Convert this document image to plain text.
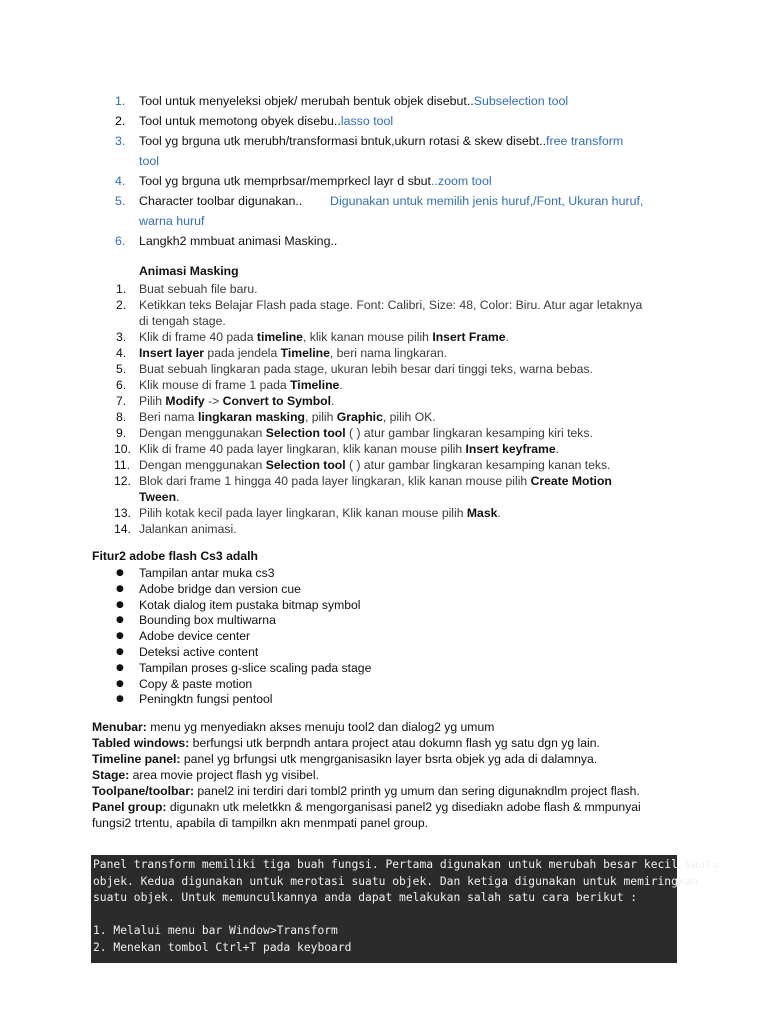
1. Tool untuk menyeleksi objek/ merubah bentuk objek disebut..Subselection tool
2. Tool untuk memotong obyek disebu..lasso tool
3. Tool yg brguna utk merubh/transformasi bntuk,ukurn rotasi & skew disebt..free transform
tool
4. Tool yg brguna utk memprbsar/memprkecl layr d sbut..zoom tool
5. Character toolbar digunakan.. Digunakan untuk memilih jenis huruf,/Font, Ukuran huruf,
warna huruf
6. Langkh2 mmbuat animasi Masking..
Animasi Masking
1. Buat sebuah file baru.
2. Ketikkan teks Belajar Flash pada stage. Font: Calibri, Size: 48, Color: Biru. Atur agar letaknya
di tengah stage.
3. Klik di frame 40 pada timeline, klik kanan mouse pilih Insert Frame.
4. Insert layer pada jendela Timeline, beri nama lingkaran.
5. Buat sebuah lingkaran pada stage, ukuran lebih besar dari tinggi teks, warna bebas.
6. Klik mouse di frame 1 pada Timeline.
7. Pilih Modify -> Convert to Symbol.
8. Beri nama lingkaran masking, pilih Graphic, pilih OK.
9. Dengan menggunakan Selection tool ( ) atur gambar lingkaran kesamping kiri teks.
10. Klik di frame 40 pada layer lingkaran, klik kanan mouse pilih Insert keyframe.
11. Dengan menggunakan Selection tool ( ) atur gambar lingkaran kesamping kanan teks.
12. Blok dari frame 1 hingga 40 pada layer lingkaran, klik kanan mouse pilih Create Motion
Tween.
13. Pilih kotak kecil pada layer lingkaran, Klik kanan mouse pilih Mask.
14. Jalankan animasi.
Fitur2 adobe flash Cs3 adalh
● Tampilan antar muka cs3
● Adobe bridge dan version cue
● Kotak dialog item pustaka bitmap symbol
● Bounding box multiwarna
● Adobe device center
● Deteksi active content
● Tampilan proses g-slice scaling pada stage
● Copy & paste motion
● Peningktn fungsi pentool
Menubar: menu yg menyediakn akses menuju tool2 dan dialog2 yg umum
Tabled windows: berfungsi utk berpndh antara project atau dokumn flash yg satu dgn yg lain.
Timeline panel: panel yg brfungsi utk mengrganisasikn layer bsrta objek yg ada di dalamnya.
Stage: area movie project flash yg visibel.
Toolpane/toolbar: panel2 ini terdiri dari tombl2 printh yg umum dan sering digunakndlm project flash.
Panel group: digunakn utk meletkkn & mengorganisasi panel2 yg disediakn adobe flash & mmpunyai
fungsi2 trtentu, apabila di tampilkn akn menmpati panel group.
Panel transform memiliki tiga buah fungsi. Pertama digunakan untuk merubah besar kecil suatu
objek. Kedua digunakan untuk merotasi suatu objek. Dan ketiga digunakan untuk memiringkan
suatu objek. Untuk memunculkannya anda dapat melakukan salah satu cara berikut :
1. Melalui menu bar Window>Transform
2. Menekan tombol Ctrl+T pada keyboard
